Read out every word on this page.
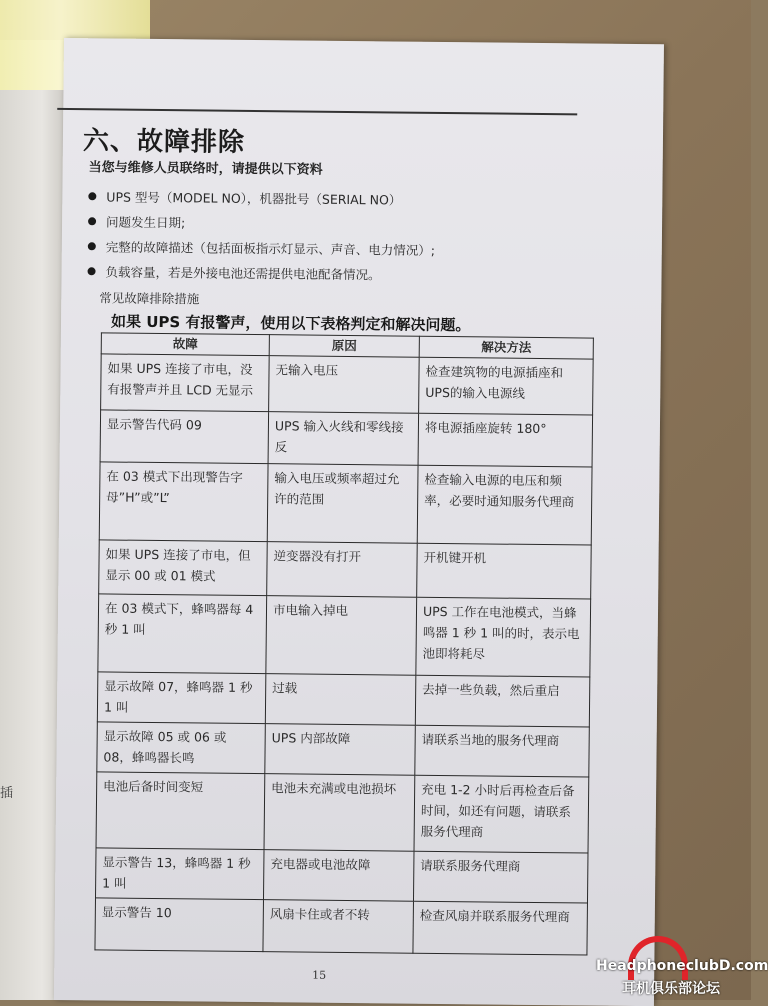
插
六、故障排除
当您与维修人员联络时，请提供以下资料
UPS 型号（MODEL NO），机器批号（SERIAL NO）
问题发生日期;
完整的故障描述（包括面板指示灯显示、声音、电力情况）;
负载容量，若是外接电池还需提供电池配备情况。
常见故障排除措施
如果 UPS 有报警声，使用以下表格判定和解决问题。
故障	原因	解决方法
如果 UPS 连接了市电，没有报警声并且 LCD 无显示	无输入电压	检查建筑物的电源插座和UPS的输入电源线
显示警告代码 09	UPS 输入火线和零线接反	将电源插座旋转 180°
在 03 模式下出现警告字母”H”或”L”	输入电压或频率超过允许的范围	检查输入电源的电压和频率，必要时通知服务代理商
如果 UPS 连接了市电，但显示 00 或 01 模式	逆变器没有打开	开机键开机
在 03 模式下，蜂鸣器每 4 秒 1 叫	市电输入掉电	UPS 工作在电池模式，当蜂鸣器 1 秒 1 叫的时，表示电池即将耗尽
显示故障 07，蜂鸣器 1 秒 1 叫	过载	去掉一些负载，然后重启
显示故障 05 或 06 或 08，蜂鸣器长鸣	UPS 内部故障	请联系当地的服务代理商
电池后备时间变短	电池未充满或电池损坏	充电 1-2 小时后再检查后备时间，如还有问题，请联系服务代理商
显示警告 13，蜂鸣器 1 秒 1 叫	充电器或电池故障	请联系服务代理商
显示警告 10	风扇卡住或者不转	检查风扇并联系服务代理商
15
HeadphoneclubD.com
耳机俱乐部论坛
